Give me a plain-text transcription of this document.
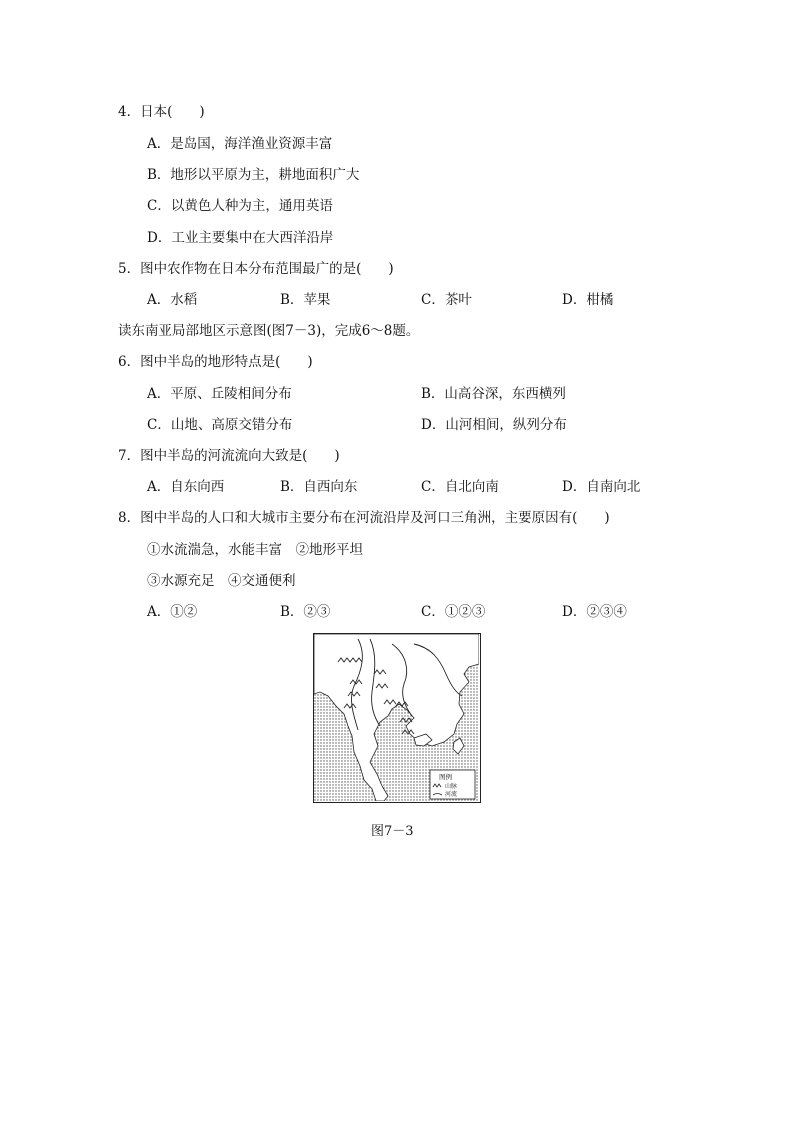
4．日本(　　)
A．是岛国，海洋渔业资源丰富
B．地形以平原为主，耕地面积广大
C．以黄色人种为主，通用英语
D．工业主要集中在大西洋沿岸
5．图中农作物在日本分布范围最广的是(　　)
A．水稻	B．苹果	C．茶叶	D．柑橘
读东南亚局部地区示意图(图7－3)，完成6～8题。
6．图中半岛的地形特点是(　　)
A．平原、丘陵相间分布	B．山高谷深，东西横列
C．山地、高原交错分布	D．山河相间，纵列分布
7．图中半岛的河流流向大致是(　　)
A．自东向西	B．自西向东	C．自北向南	D．自南向北
8．图中半岛的人口和大城市主要分布在河流沿岸及河口三角洲，主要原因有(　　)
①水流湍急，水能丰富　②地形平坦
③水源充足　④交通便利
A．①②	B．②③	C．①②③	D．②③④
图例
山脉
河流
图7－3
